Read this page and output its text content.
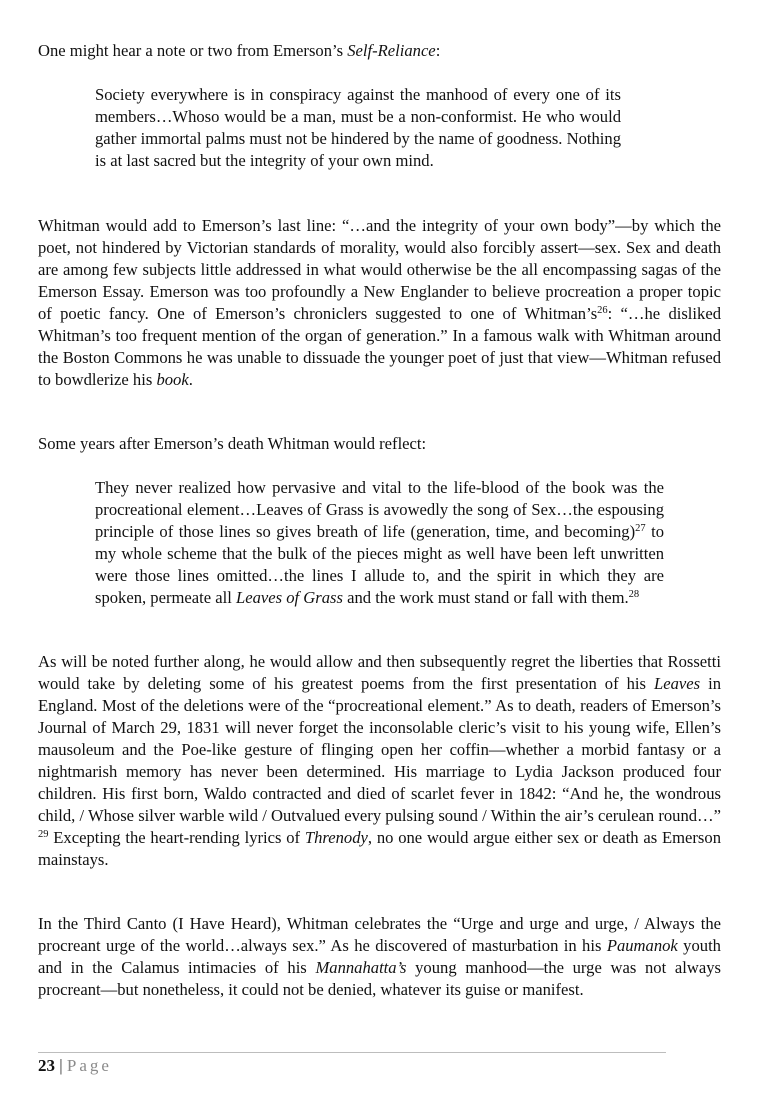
One might hear a note or two from Emerson’s Self-Reliance:

Society everywhere is in conspiracy against the manhood of every one of its members…Whoso would be a man, must be a non-conformist. He who would gather immortal palms must not be hindered by the name of goodness. Nothing is at last sacred but the integrity of your own mind.

Whitman would add to Emerson’s last line: “…and the integrity of your own body”—by which the poet, not hindered by Victorian standards of morality, would also forcibly assert—sex. Sex and death are among few subjects little addressed in what would otherwise be the all encompassing sagas of the Emerson Essay. Emerson was too profoundly a New Englander to believe procreation a proper topic of poetic fancy. One of Emerson’s chroniclers suggested to one of $Whitman’s^{26}$: “…he disliked Whitman’s too frequent mention of the organ of generation.” In a famous walk with Whitman around the Boston Commons he was unable to dissuade the younger poet of just that view—Whitman refused to bowdlerize his book.

Some years after Emerson’s death Whitman would reflect:

They never realized how pervasive and vital to the life-blood of the book was the procreational element…Leaves of Grass is avowedly the song of Sex…the espousing principle of those lines so gives breath of life (generation, time, and becoming)$^{27}$ to my whole scheme that the bulk of the pieces might as well have been left unwritten were those lines omitted…the lines I allude to, and the spirit in which they are spoken, permeate all Leaves of Grass and the work must stand or fall with them.$^{28}$

As will be noted further along, he would allow and then subsequently regret the liberties that Rossetti would take by deleting some of his greatest poems from the first presentation of his Leaves in England. Most of the deletions were of the “procreational element.” As to death, readers of Emerson’s Journal of March 29, 1831 will never forget the inconsolable cleric’s visit to his young wife, Ellen’s mausoleum and the Poe-like gesture of flinging open her coffin—whether a morbid fantasy or a nightmarish memory has never been determined. His marriage to Lydia Jackson produced four children. His first born, Waldo contracted and died of scarlet fever in 1842: “And he, the wondrous child, / Whose silver warble wild / Outvalued every pulsing sound / Within the air’s cerulean round…” $^{29}$ Excepting the heart-rending lyrics of Threnody, no one would argue either sex or death as Emerson mainstays.

In the Third Canto (I Have Heard), Whitman celebrates the “Urge and urge and urge, / Always the procreant urge of the world…always sex.” As he discovered of masturbation in his Paumanok youth and in the Calamus intimacies of his Mannahatta’s young manhood—the urge was not always procreant—but nonetheless, it could not be denied, whatever its guise or manifest.

23 | Page
